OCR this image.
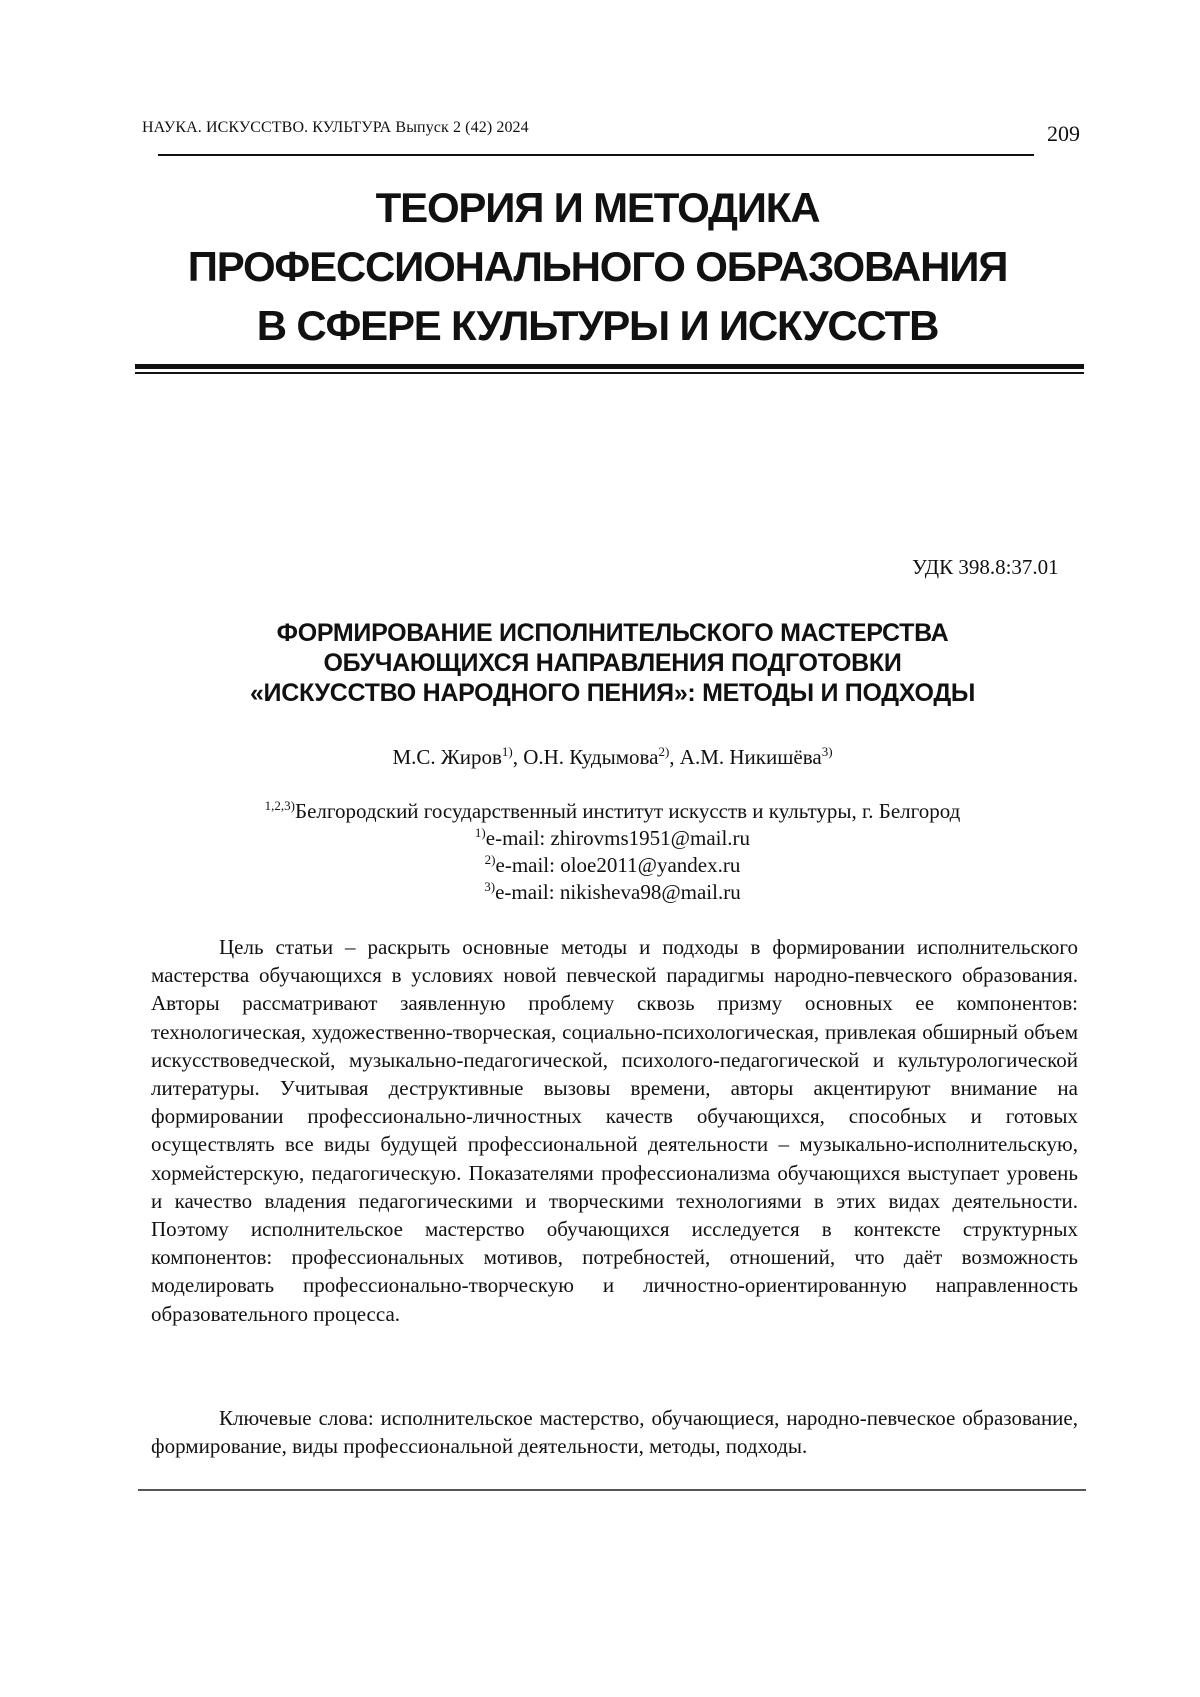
НАУКА. ИСКУССТВО. КУЛЬТУРА Выпуск 2 (42) 2024	209
ТЕОРИЯ И МЕТОДИКА
ПРОФЕССИОНАЛЬНОГО ОБРАЗОВАНИЯ
В СФЕРЕ КУЛЬТУРЫ И ИСКУССТВ
УДК 398.8:37.01
ФОРМИРОВАНИЕ ИСПОЛНИТЕЛЬСКОГО МАСТЕРСТВА
ОБУЧАЮЩИХСЯ НАПРАВЛЕНИЯ ПОДГОТОВКИ
«ИСКУССТВО НАРОДНОГО ПЕНИЯ»: МЕТОДЫ И ПОДХОДЫ
М.С. Жиров$^{1)}$, О.Н. Кудымова$^{2)}$, А.М. Никишёва$^{3)}$
$^{1,2,3)}$Белгородский государственный институт искусств и культуры, г. Белгород
$^{1)}$e-mail: zhirovms1951@mail.ru
$^{2)}$e-mail: oloe2011@yandex.ru
$^{3)}$e-mail: nikisheva98@mail.ru

Цель статьи – раскрыть основные методы и подходы в формировании исполнительского мастерства обучающихся в условиях новой певческой парадигмы народно-певческого образования. Авторы рассматривают заявленную проблему сквозь призму основных ее компонентов: технологическая, художественно-творческая, социально-психологическая, привлекая обширный объем искусствоведческой, музыкально-педагогической, психолого-педагогической и культурологической литературы. Учитывая деструктивные вызовы времени, авторы акцентируют внимание на формировании профессионально-личностных качеств обучающихся, способных и готовых осуществлять все виды будущей профессиональной деятельности – музыкально-исполнительскую, хормейстерскую, педагогическую. Показателями профессионализма обучающихся выступает уровень и качество владения педагогическими и творческими технологиями в этих видах деятельности. Поэтому исполнительское мастерство обучающихся исследуется в контексте структурных компонентов: профессиональных мотивов, потребностей, отношений, что даёт возможность моделировать профессионально-творческую и личностно-ориентированную направленность образовательного процесса.

Ключевые слова: исполнительское мастерство, обучающиеся, народно-певческое образование, формирование, виды профессиональной деятельности, методы, подходы.
